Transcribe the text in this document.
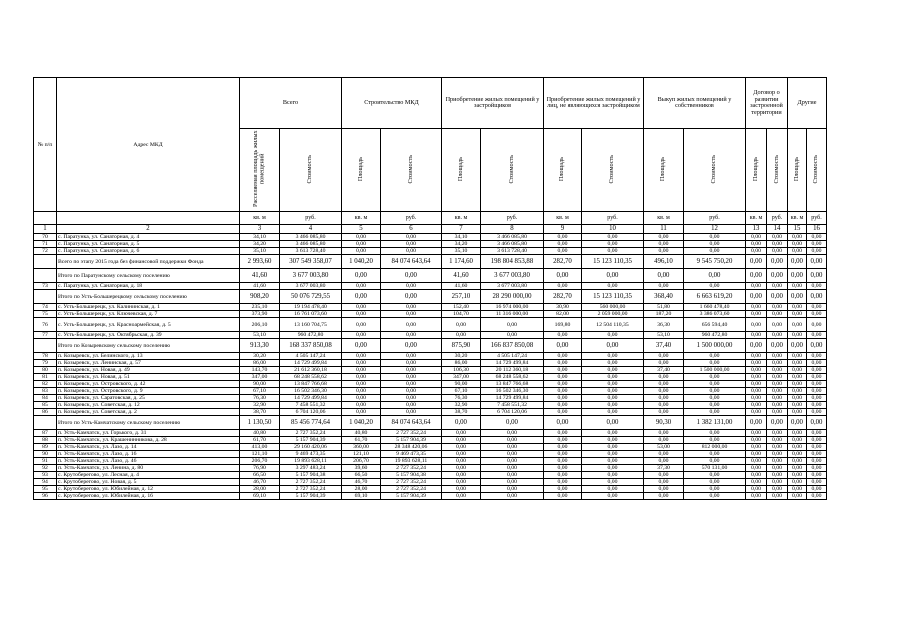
№ п/п	Адрес МКД	Всего		Строительство МКД		Приобретение жилых помещений у застройщиков		Приобретение жилых помещений у лиц, не являющихся застройщиком		Выкуп жилых помещений у собственников		Договор о развитии застроенной территории		Другие	
		Расселяемая площадь жилых помещений	Стоимость	Площадь	Стоимость	Площадь	Стоимость	Площадь	Стоимость	Площадь	Стоимость	Площадь	Стоимость	Площадь	Стоимость
		кв. м	руб.	кв. м	руб.	кв. м	руб.	кв. м	руб.	кв. м	руб.	кв. м	руб.	кв. м	руб.
1	2	3	4	5	6	7	8	9	10	11	12	13	14	15	16
70	с. Паратунка, ул. Санаторная, д. 4	34,10	3 466 085,80	0,00	0,00	34,10	3 466 085,80	0,00	0,00	0,00	0,00	0,00	0,00	0,00	0,00
71	с. Паратунка, ул. Санаторная, д. 5	34,20	3 466 085,80	0,00	0,00	34,20	3 466 085,80	0,00	0,00	0,00	0,00	0,00	0,00	0,00	0,00
72	с. Паратунка, ул. Санаторная, д. 6	35,10	3 613 728,40	0,00	0,00	35,10	3 613 728,40	0,00	0,00	0,00	0,00	0,00	0,00	0,00	0,00
	Всего по этапу 2015 года без финансовой поддержки Фонда	2 993,60	307 549 358,07	1 040,20	84 074 643,64	1 174,60	198 804 853,88	282,70	15 123 110,35	496,10	9 545 750,20	0,00	0,00	0,00	0,00
	Итого по Паратунскому сельскому поселению	41,60	3 677 003,80	0,00	0,00	41,60	3 677 003,80	0,00	0,00	0,00	0,00	0,00	0,00	0,00	0,00
73	с. Паратунка, ул. Санаторная, д. 18	41,60	3 677 003,80	0,00	0,00	41,60	3 677 003,80	0,00	0,00	0,00	0,00	0,00	0,00	0,00	0,00
	Итого по Усть-Большерецкому сельскому поселению	908,20	50 076 729,55	0,00	0,00	257,10	28 290 000,00	282,70	15 123 110,35	368,40	6 663 619,20	0,00	0,00	0,00	0,00
74	с. Усть-Большерецк, ул. Калининская, д. 1	235,10	19 194 478,40	0,00	0,00	152,40	16 974 000,00	30,90	560 000,00	51,80	1 660 478,40	0,00	0,00	0,00	0,00
75	с. Усть-Большерецк, ул. Ключевская, д. 7	373,90	16 761 073,60	0,00	0,00	104,70	11 316 000,00	82,00	2 059 000,00	187,20	3 386 073,60	0,00	0,00	0,00	0,00
76	с. Усть-Большерецк, ул. Красноармейская, д. 5	206,10	13 160 704,75	0,00	0,00	0,00	0,00	169,80	12 504 110,35	36,30	656 594,40	0,00	0,00	0,00	0,00
77	с. Усть-Большерецк, ул. Октябрьская, д. 39	53,10	960 472,80	0,00	0,00	0,00	0,00	0,00	0,00	53,10	960 472,80	0,00	0,00	0,00	0,00
	Итого по Козыревскому сельскому поселению	913,30	168 337 850,08	0,00	0,00	875,90	166 837 850,08	0,00	0,00	37,40	1 500 000,00	0,00	0,00	0,00	0,00
78	п. Козыревск, ул. Белинского, д. 13	30,20	4 505 147,24	0,00	0,00	30,20	4 505 147,24	0,00	0,00	0,00	0,00	0,00	0,00	0,00	0,00
79	п. Козыревск, ул. Ленинская, д. 57	86,00	14 729 499,84	0,00	0,00	86,00	14 729 499,84	0,00	0,00	0,00	0,00	0,00	0,00	0,00	0,00
80	п. Козыревск, ул. Новая, д. 49	143,70	21 612 360,18	0,00	0,00	106,30	20 112 360,18	0,00	0,00	37,40	1 500 000,00	0,00	0,00	0,00	0,00
81	п. Козыревск, ул. Новая, д. 51	347,00	68 248 558,62	0,00	0,00	347,00	68 248 558,62	0,00	0,00	0,00	0,00	0,00	0,00	0,00	0,00
82	п. Козыревск, ул. Островского, д. 42	90,00	13 847 766,68	0,00	0,00	90,00	13 847 766,68	0,00	0,00	0,00	0,00	0,00	0,00	0,00	0,00
83	п. Козыревск, ул. Островского, д. 9	67,10	16 502 346,30	0,00	0,00	67,10	16 502 346,30	0,00	0,00	0,00	0,00	0,00	0,00	0,00	0,00
84	п. Козыревск, ул. Саратовская, д. 25	76,30	14 729 499,84	0,00	0,00	76,30	14 729 499,84	0,00	0,00	0,00	0,00	0,00	0,00	0,00	0,00
85	п. Козыревск, ул. Советская, д. 12	32,90	7 458 551,32	0,00	0,00	32,90	7 458 551,32	0,00	0,00	0,00	0,00	0,00	0,00	0,00	0,00
86	п. Козыревск, ул. Советская, д. 2	38,70	6 704 120,06	0,00	0,00	38,70	6 704 120,06	0,00	0,00	0,00	0,00	0,00	0,00	0,00	0,00
	Итого по Усть-Камчатскому сельскому поселению	1 130,50	85 456 774,64	1 040,20	84 074 643,64	0,00	0,00	0,00	0,00	90,30	1 382 131,00	0,00	0,00	0,00	0,00
87	п. Усть-Камчатск, ул. Горького, д. 31	40,80	2 727 352,24	40,80	2 727 352,24	0,00	0,00	0,00	0,00	0,00	0,00	0,00	0,00	0,00	0,00
88	п. Усть-Камчатск, ул. Крашенинникова, д. 28	61,70	5 157 904,39	61,70	5 157 904,39	0,00	0,00	0,00	0,00	0,00	0,00	0,00	0,00	0,00	0,00
89	п. Усть-Камчатск, ул. Лазо, д. 14	413,00	29 160 420,06	360,00	28 348 420,06	0,00	0,00	0,00	0,00	53,00	812 000,00	0,00	0,00	0,00	0,00
90	п. Усть-Камчатск, ул. Лазо, д. 16	121,10	9 469 473,35	121,10	9 469 473,35	0,00	0,00	0,00	0,00	0,00	0,00	0,00	0,00	0,00	0,00
91	п. Усть-Камчатск, ул. Лазо, д. 46	206,70	19 893 628,11	206,70	19 893 628,11	0,00	0,00	0,00	0,00	0,00	0,00	0,00	0,00	0,00	0,00
92	п. Усть-Камчатск, ул. Ленина, д. 80	76,90	3 297 483,24	39,60	2 727 352,24	0,00	0,00	0,00	0,00	37,30	570 131,00	0,00	0,00	0,00	0,00
93	с. Крутоберегово, ул. Лесная, д. 4	66,50	5 157 904,38	66,50	5 157 904,38	0,00	0,00	0,00	0,00	0,00	0,00	0,00	0,00	0,00	0,00
94	с. Крутоберегово, ул. Новая, д. 5	46,70	2 727 352,24	46,70	2 727 352,24	0,00	0,00	0,00	0,00	0,00	0,00	0,00	0,00	0,00	0,00
95	с. Крутоберегово, ул. Юбилейная, д. 12	28,00	2 727 352,24	28,00	2 727 352,24	0,00	0,00	0,00	0,00	0,00	0,00	0,00	0,00	0,00	0,00
96	с. Крутоберегово, ул. Юбилейная, д. 16	69,10	5 157 904,39	69,10	5 157 904,39	0,00	0,00	0,00	0,00	0,00	0,00	0,00	0,00	0,00	0,00
